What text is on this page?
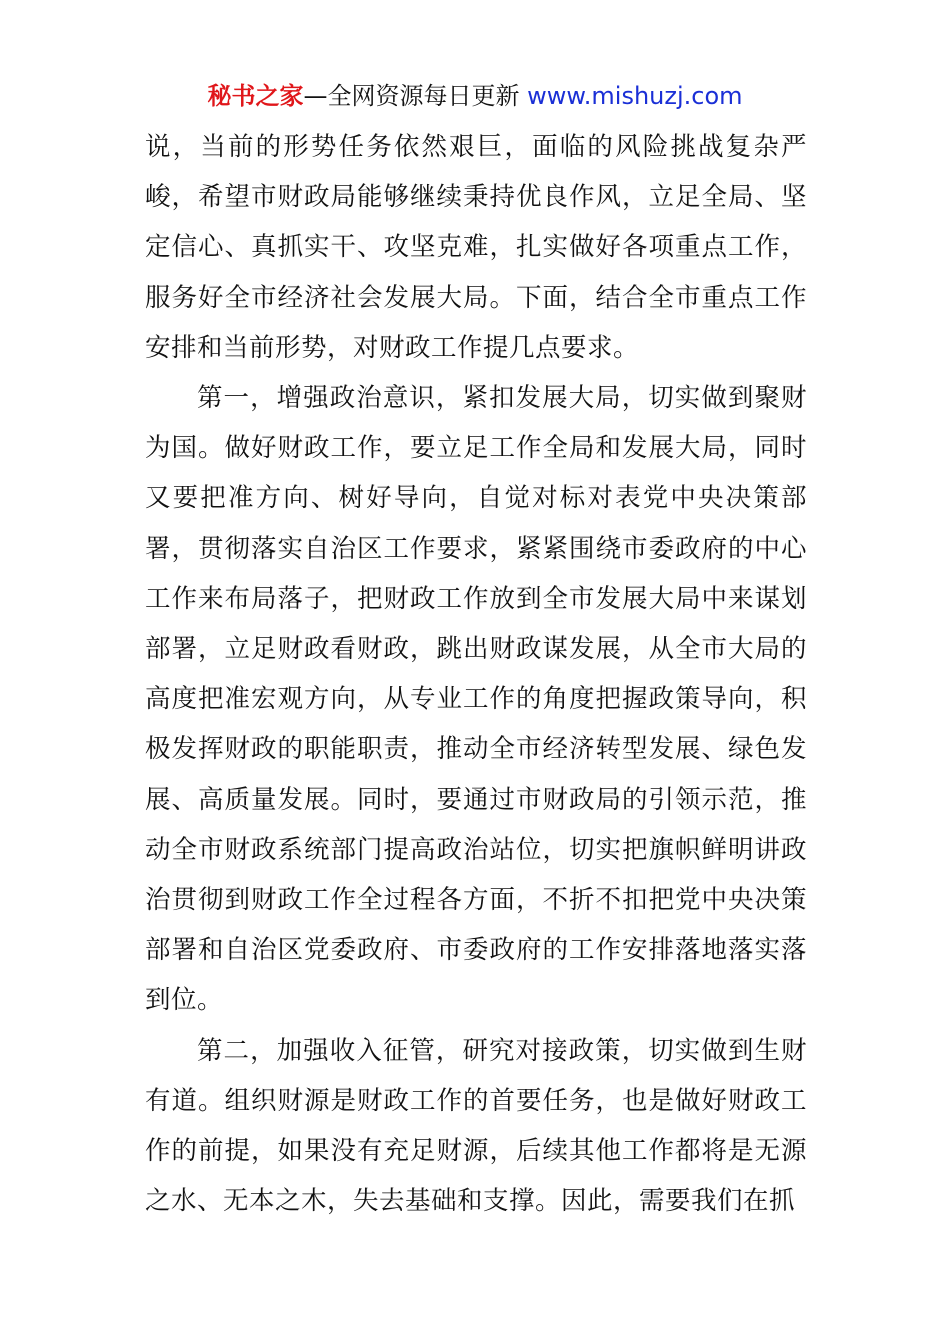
秘书之家—全网资源每日更新 www.mishuzj.com

说，当前的形势任务依然艰巨，面临的风险挑战复杂严峻，希望市财政局能够继续秉持优良作风，立足全局、坚定信心、真抓实干、攻坚克难，扎实做好各项重点工作，服务好全市经济社会发展大局。下面，结合全市重点工作安排和当前形势，对财政工作提几点要求。

第一，增强政治意识，紧扣发展大局，切实做到聚财为国。做好财政工作，要立足工作全局和发展大局，同时又要把准方向、树好导向，自觉对标对表党中央决策部署，贯彻落实自治区工作要求，紧紧围绕市委政府的中心工作来布局落子，把财政工作放到全市发展大局中来谋划部署，立足财政看财政，跳出财政谋发展，从全市大局的高度把准宏观方向，从专业工作的角度把握政策导向，积极发挥财政的职能职责，推动全市经济转型发展、绿色发展、高质量发展。同时，要通过市财政局的引领示范，推动全市财政系统部门提高政治站位，切实把旗帜鲜明讲政治贯彻到财政工作全过程各方面，不折不扣把党中央决策部署和自治区党委政府、市委政府的工作安排落地落实落到位。

第二，加强收入征管，研究对接政策，切实做到生财有道。组织财源是财政工作的首要任务，也是做好财政工作的前提，如果没有充足财源，后续其他工作都将是无源之水、无本之木，失去基础和支撑。因此，需要我们在抓
